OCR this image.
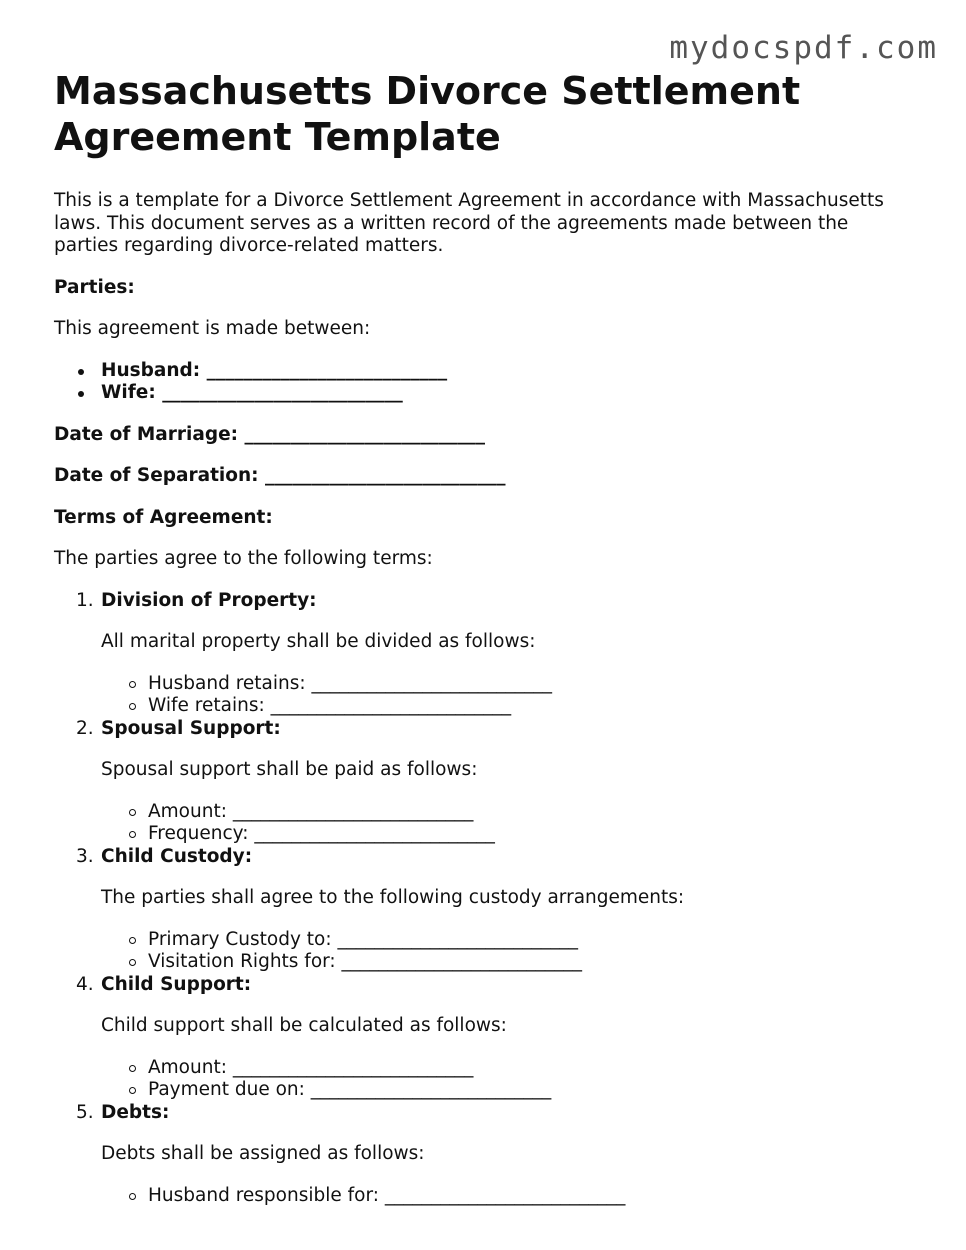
mydocspdf.com
Massachusetts Divorce Settlement Agreement Template

This is a template for a Divorce Settlement Agreement in accordance with Massachusetts laws. This document serves as a written record of the agreements made between the parties regarding divorce-related matters.

Parties:

This agreement is made between:

Husband: __________________________
Wife: __________________________

Date of Marriage: __________________________

Date of Separation: __________________________

Terms of Agreement:

The parties agree to the following terms:

1. Division of Property:

All marital property shall be divided as follows:

Husband retains: __________________________
Wife retains: __________________________
2. Spousal Support:

Spousal support shall be paid as follows:

Amount: __________________________
Frequency: __________________________
3. Child Custody:

The parties shall agree to the following custody arrangements:

Primary Custody to: __________________________
Visitation Rights for: __________________________
4. Child Support:

Child support shall be calculated as follows:

Amount: __________________________
Payment due on: __________________________
5. Debts:

Debts shall be assigned as follows:

Husband responsible for: __________________________
